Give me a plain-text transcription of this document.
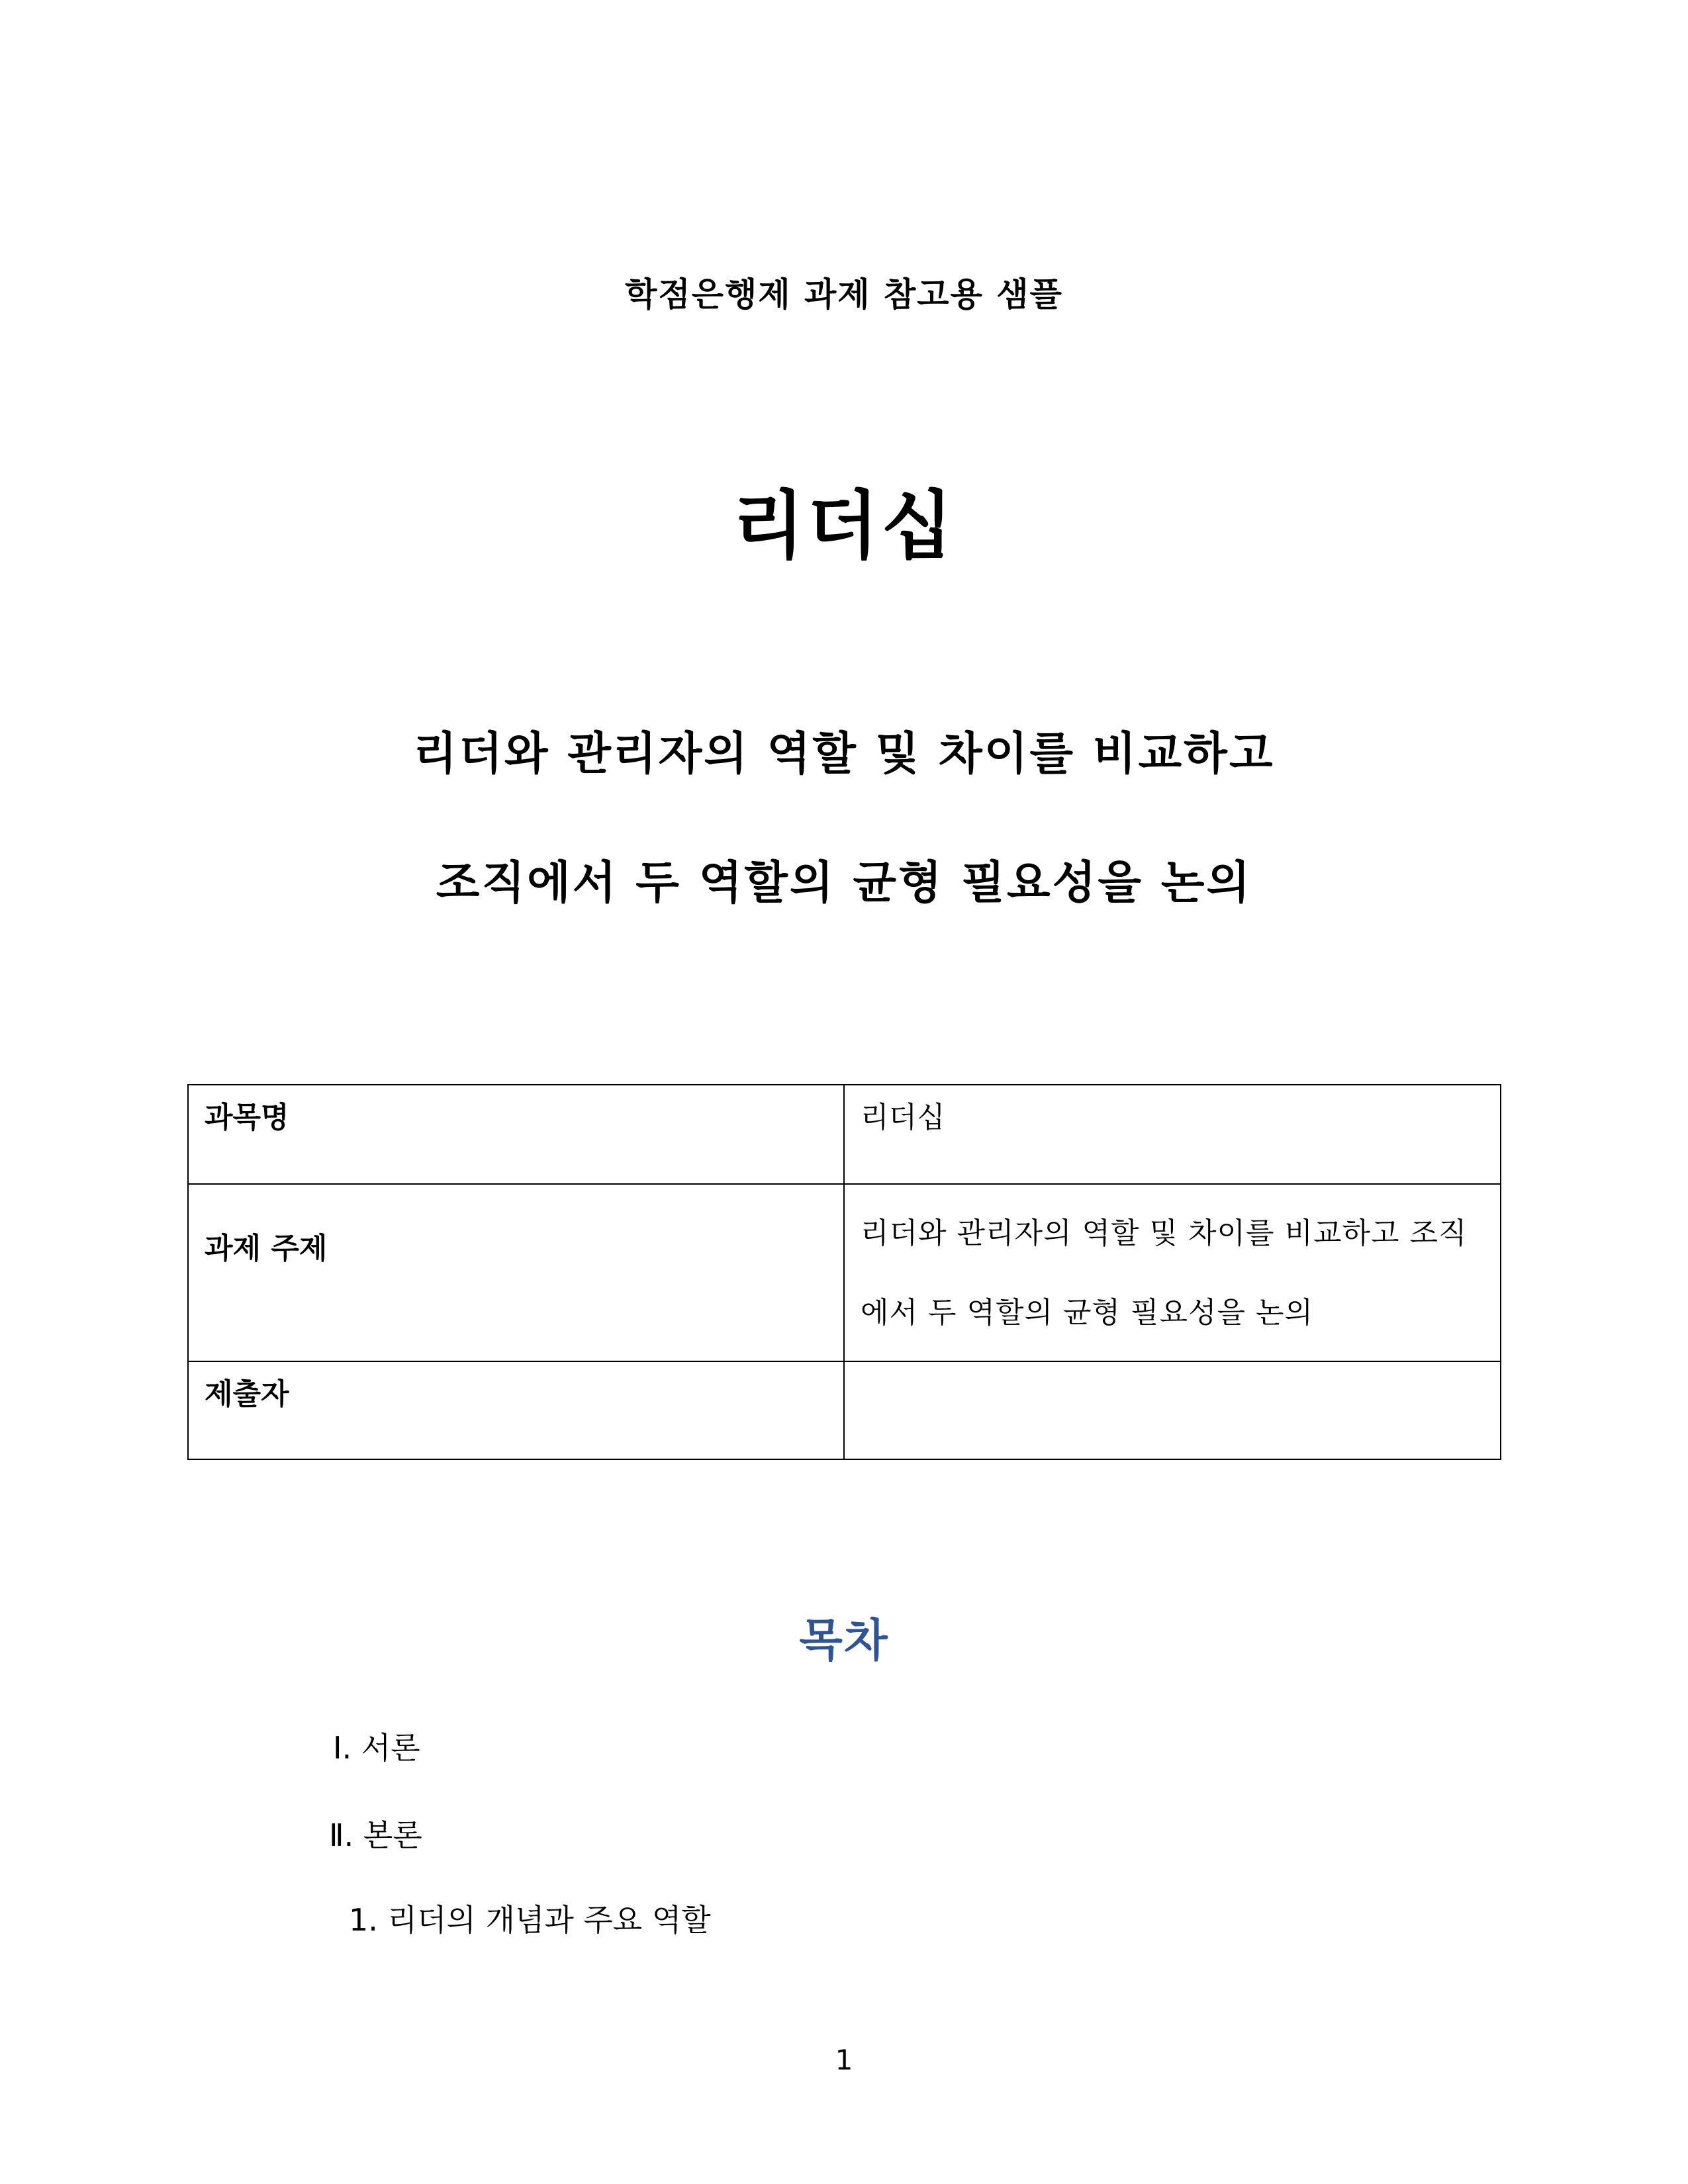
학점은행제 과제 참고용 샘플
리더십
리더와 관리자의 역할 및 차이를 비교하고
조직에서 두 역할의 균형 필요성을 논의
과목명	리더십

과제 주제	리더와 관리자의 역할 및 차이를 비교하고 조직
에서 두 역할의 균형 필요성을 논의

제출자	

목차
Ⅰ. 서론
Ⅱ. 본론
1. 리더의 개념과 주요 역할
1
